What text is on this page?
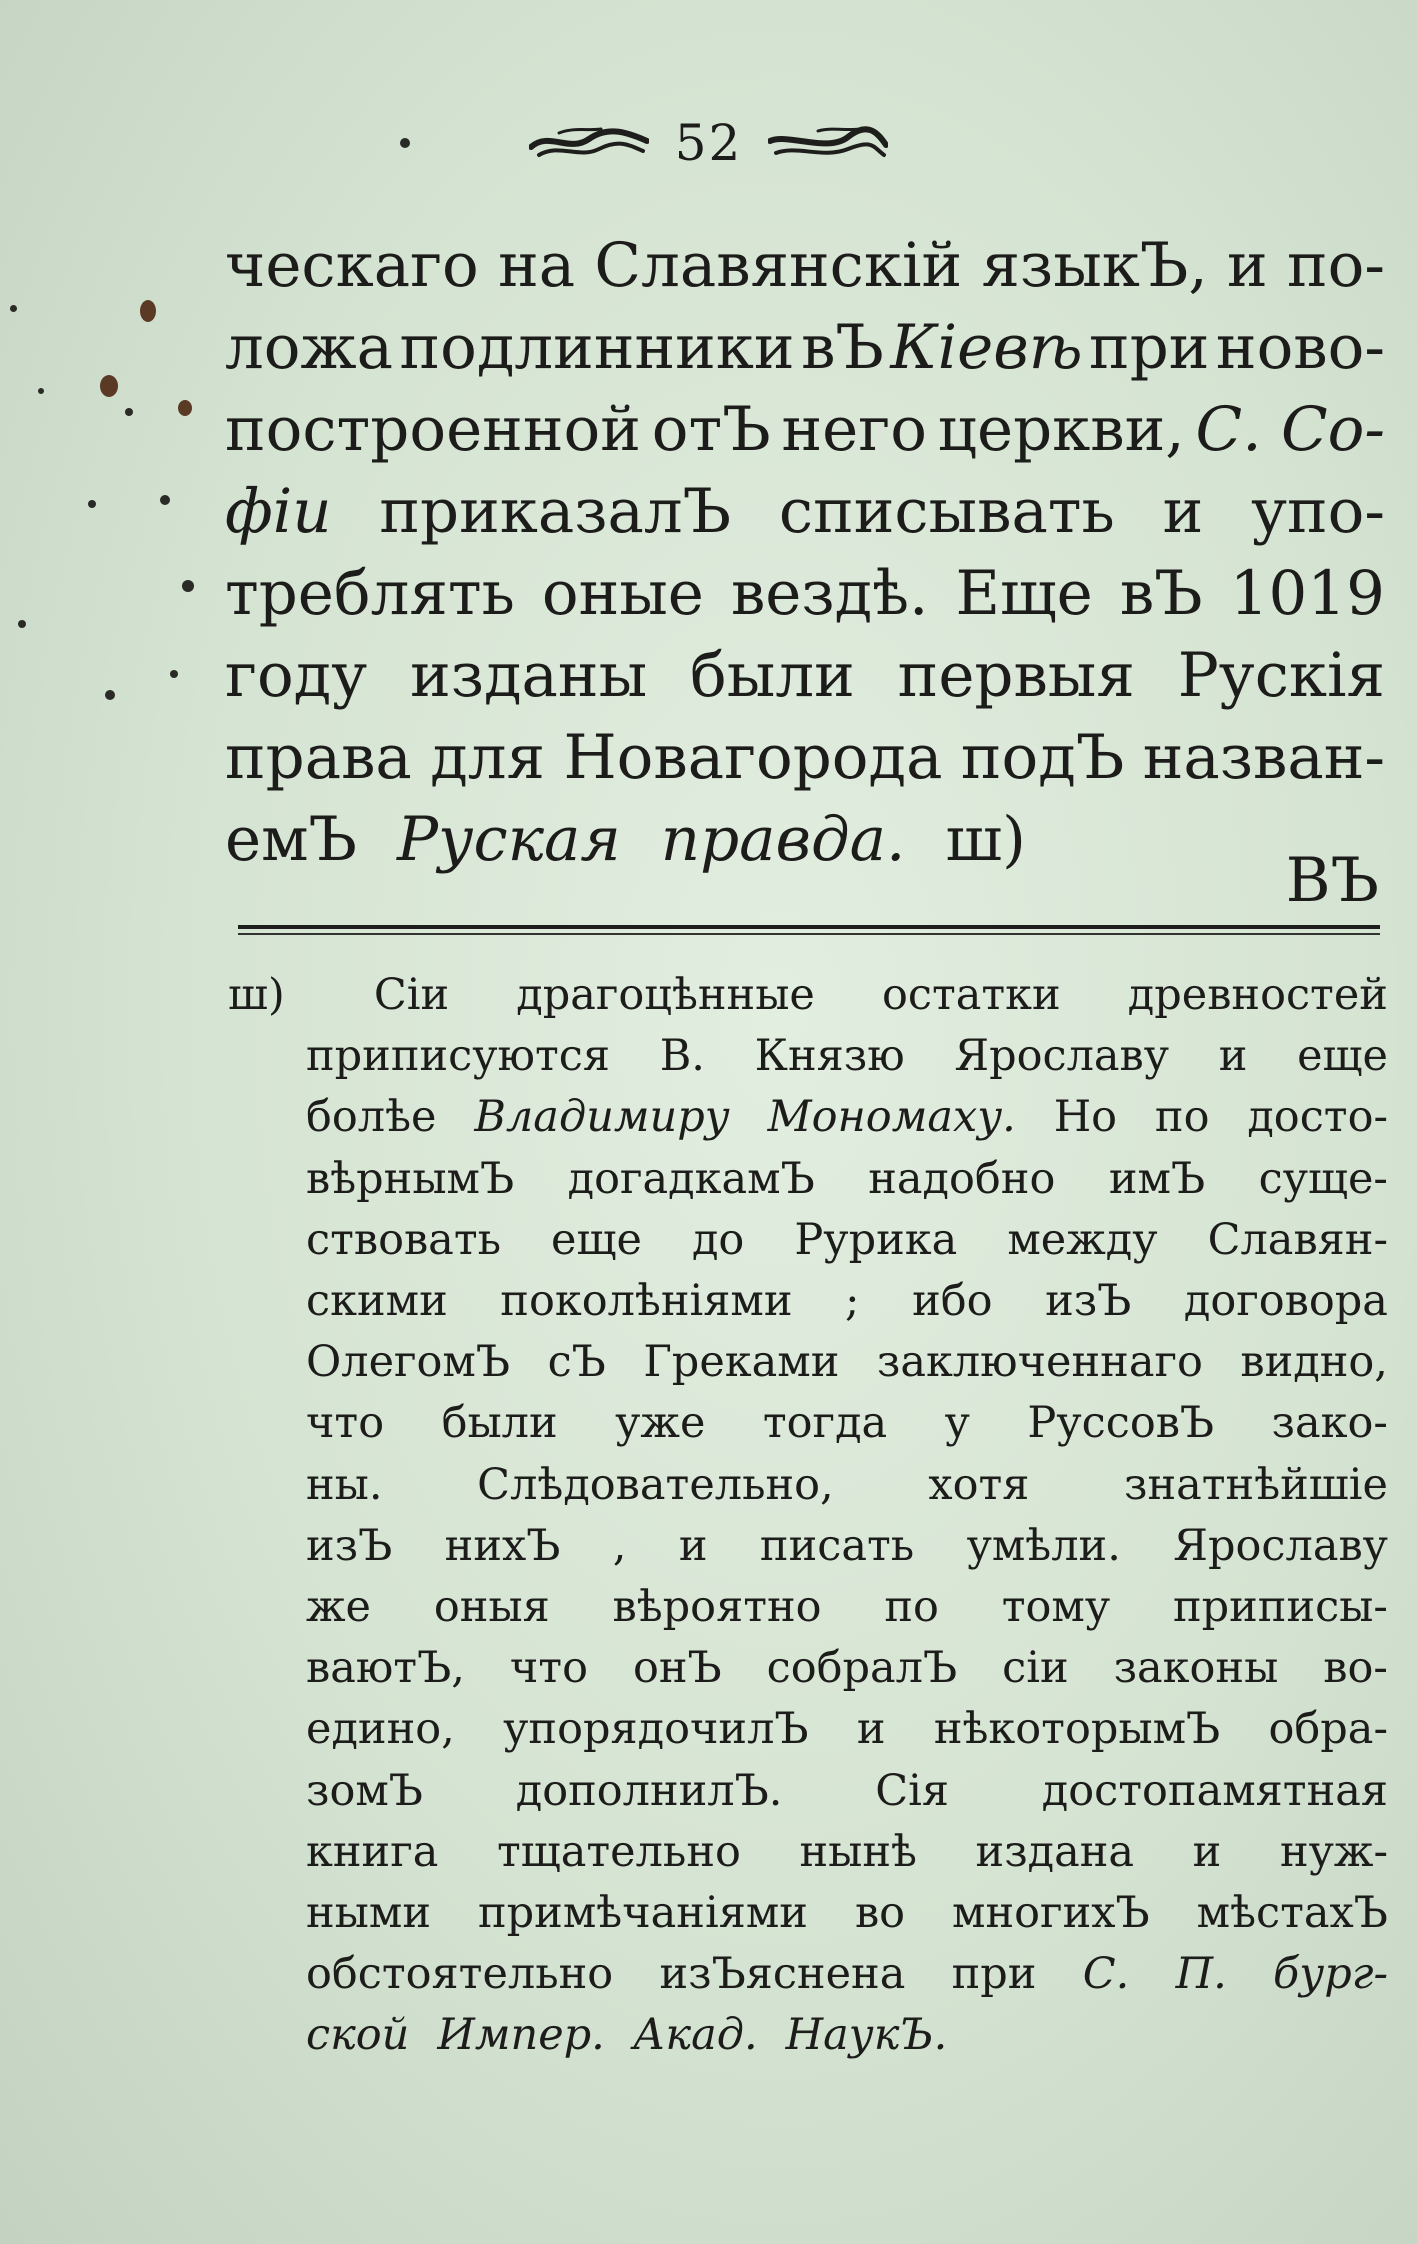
52
ческаго на Славянскій языкЪ, и по-
ложа подлинники вЪ Кіевѣ при ново-
построенной отЪ него церкви, С. Со-
фіи приказалЪ списывать и упо-
треблять оные вездѣ. Еще вЪ 1019
году изданы были первыя Рускія
права для Новагорода подЪ назван-
емЪ Руская правда. ш)
ВЪ
ш) Сіи драгоцѣнные остатки древностей
приписуются В. Князю Ярославу и еще
болѣе Владимиру Мономаху. Но по досто-
вѣрнымЪ догадкамЪ надобно имЪ суще-
ствовать еще до Рурика между Славян-
скими поколѣніями ; ибо изЪ договора
ОлегомЪ сЪ Греками заключеннаго видно,
что были уже тогда у РуссовЪ зако-
ны. Слѣдовательно, хотя знатнѣйшіе
изЪ нихЪ , и писать умѣли. Ярославу
же оныя вѣроятно по тому приписы-
ваютЪ, что онЪ собралЪ сіи законы во-
едино, упорядочилЪ и нѣкоторымЪ обра-
зомЪ дополнилЪ. Сія достопамятная
книга тщательно нынѣ издана и нуж-
ными примѣчаніями во многихЪ мѣстахЪ
обстоятельно изЪяснена при С. П. бург-
ской Импер. Акад. НаукЪ.
